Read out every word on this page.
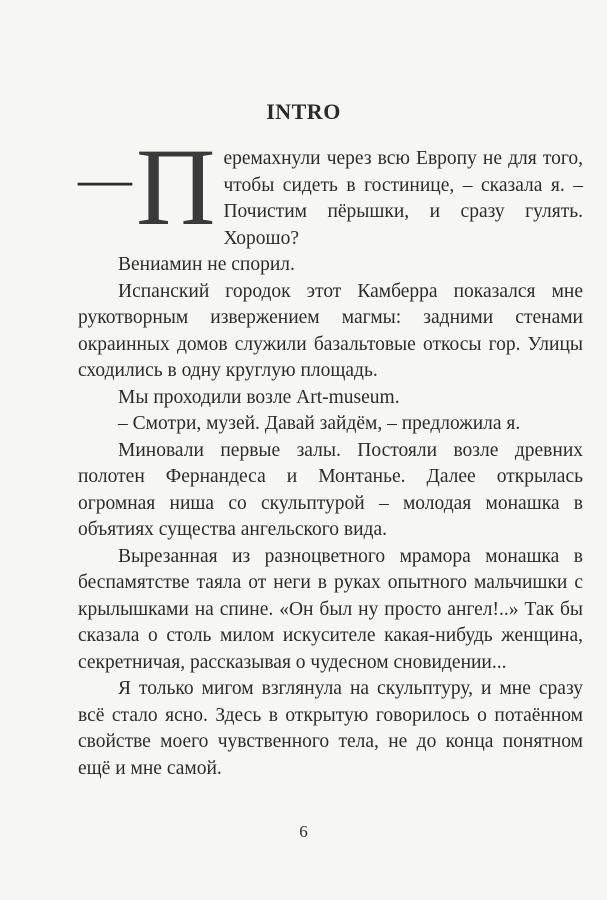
INTRO

— П еремахнули через всю Европу не для того, чтобы сидеть в гостинице, – сказала я. – Почистим пёрышки, и сразу гулять. Хорошо?

Вениамин не спорил.

Испанский городок этот Камберра показался мне рукотворным извержением магмы: задними стенами окраинных домов служили базальтовые откосы гор. Улицы сходились в одну круглую площадь.

Мы проходили возле Art-museum.

– Смотри, музей. Давай зайдём, – предложила я.

Миновали первые залы. Постояли возле древних полотен Фернандеса и Монтанье. Далее открылась огромная ниша со скульптурой – молодая монашка в объятиях существа ангельского вида.

Вырезанная из разноцветного мрамора монашка в беспамятстве таяла от неги в руках опытного мальчишки с крылышками на спине. «Он был ну просто ангел!..» Так бы сказала о столь милом искусителе какая-нибудь женщина, секретничая, рассказывая о чудесном сновидении...

Я только мигом взглянула на скульптуру, и мне сразу всё стало ясно. Здесь в открытую говорилось о потаённом свойстве моего чувственного тела, не до конца понятном ещё и мне самой.

6
